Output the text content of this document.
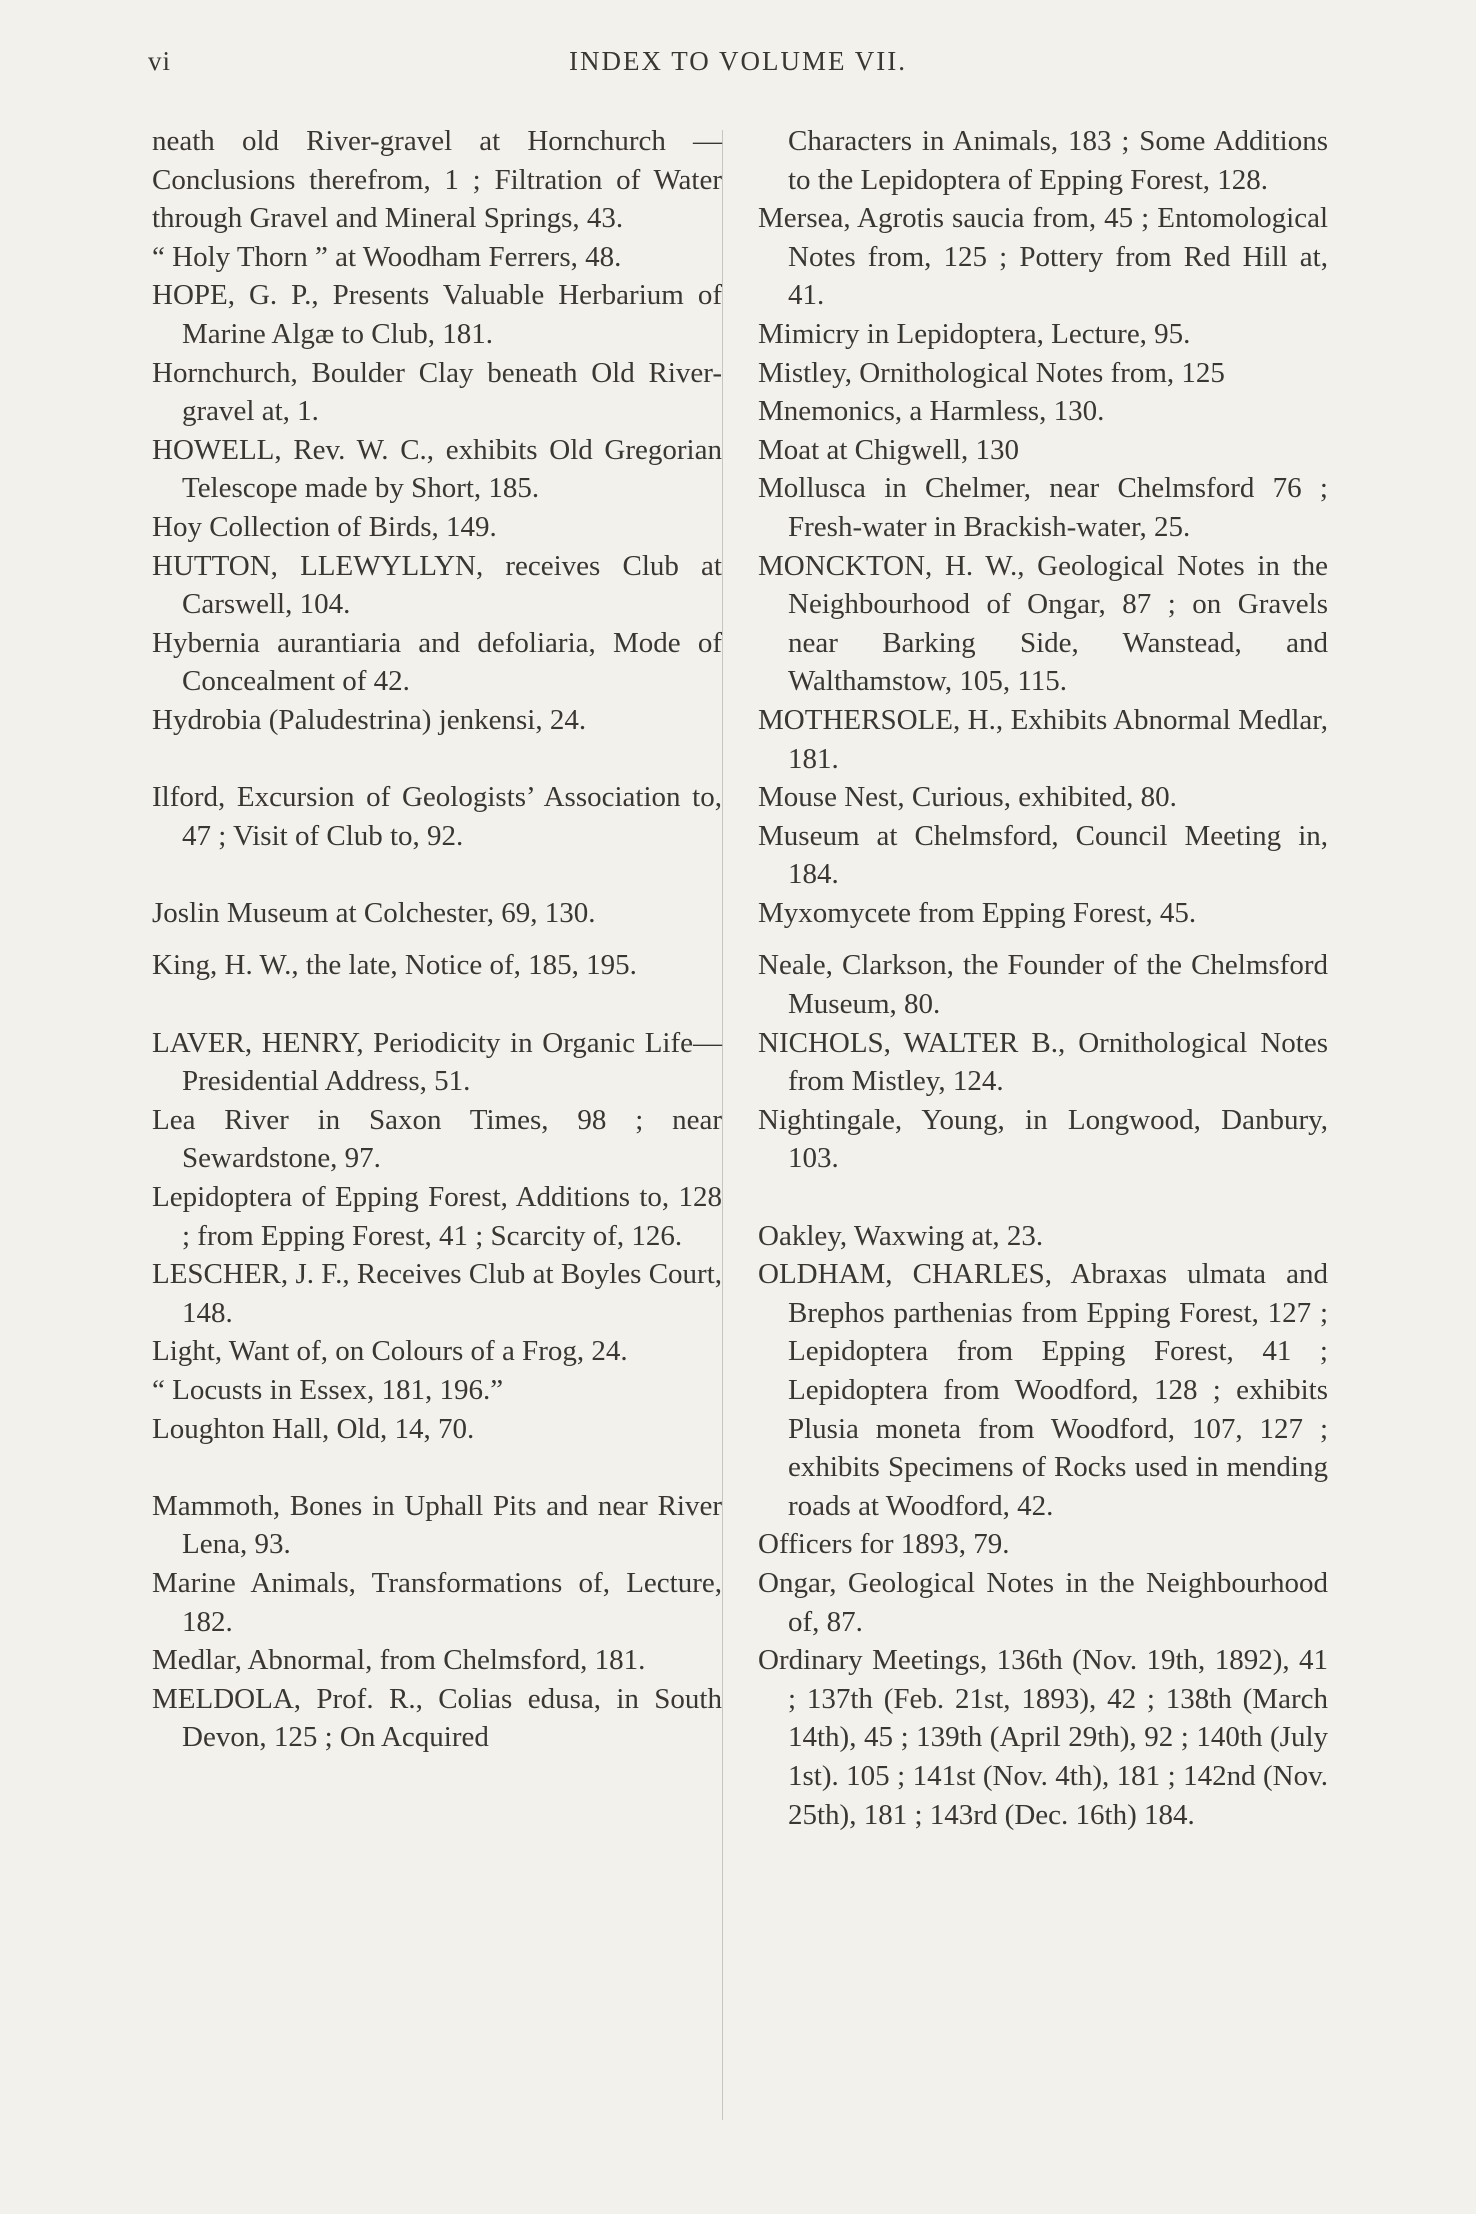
vi	INDEX TO VOLUME VII.
neath old River-gravel at Hornchurch — Conclusions therefrom, 1 ; Filtration of Water through Gravel and Mineral Springs, 43.
“ Holy Thorn ” at Woodham Ferrers, 48.
HOPE, G. P., Presents Valuable Herbarium of Marine Algæ to Club, 181.
Hornchurch, Boulder Clay beneath Old River-gravel at, 1.
HOWELL, Rev. W. C., exhibits Old Gregorian Telescope made by Short, 185.
Hoy Collection of Birds, 149.
HUTTON, LLEWYLLYN, receives Club at Carswell, 104.
Hybernia aurantiaria and defoliaria, Mode of Concealment of 42.
Hydrobia (Paludestrina) jenkensi, 24.
Ilford, Excursion of Geologists’ Association to, 47 ; Visit of Club to, 92.
Joslin Museum at Colchester, 69, 130.
King, H. W., the late, Notice of, 185, 195.
LAVER, HENRY, Periodicity in Organic Life—Presidential Address, 51.
Lea River in Saxon Times, 98 ; near Sewardstone, 97.
Lepidoptera of Epping Forest, Additions to, 128 ; from Epping Forest, 41 ; Scarcity of, 126.
LESCHER, J. F., Receives Club at Boyles Court, 148.
Light, Want of, on Colours of a Frog, 24.
“ Locusts in Essex, 181, 196.”
Loughton Hall, Old, 14, 70.
Mammoth, Bones in Uphall Pits and near River Lena, 93.
Marine Animals, Transformations of, Lecture, 182.
Medlar, Abnormal, from Chelmsford, 181.
MELDOLA, Prof. R., Colias edusa, in South Devon, 125 ; On Acquired
Characters in Animals, 183 ; Some Additions to the Lepidoptera of Epping Forest, 128.
Mersea, Agrotis saucia from, 45 ; Entomological Notes from, 125 ; Pottery from Red Hill at, 41.
Mimicry in Lepidoptera, Lecture, 95.
Mistley, Ornithological Notes from, 125
Mnemonics, a Harmless, 130.
Moat at Chigwell, 130
Mollusca in Chelmer, near Chelmsford 76 ; Fresh-water in Brackish-water, 25.
MONCKTON, H. W., Geological Notes in the Neighbourhood of Ongar, 87 ; on Gravels near Barking Side, Wanstead, and Walthamstow, 105, 115.
MOTHERSOLE, H., Exhibits Abnormal Medlar, 181.
Mouse Nest, Curious, exhibited, 80.
Museum at Chelmsford, Council Meeting in, 184.
Myxomycete from Epping Forest, 45.
Neale, Clarkson, the Founder of the Chelmsford Museum, 80.
NICHOLS, WALTER B., Ornithological Notes from Mistley, 124.
Nightingale, Young, in Longwood, Danbury, 103.
Oakley, Waxwing at, 23.
OLDHAM, CHARLES, Abraxas ulmata and Brephos parthenias from Epping Forest, 127 ; Lepidoptera from Epping Forest, 41 ; Lepidoptera from Woodford, 128 ; exhibits Plusia moneta from Woodford, 107, 127 ; exhibits Specimens of Rocks used in mending roads at Woodford, 42.
Officers for 1893, 79.
Ongar, Geological Notes in the Neighbourhood of, 87.
Ordinary Meetings, 136th (Nov. 19th, 1892), 41 ; 137th (Feb. 21st, 1893), 42 ; 138th (March 14th), 45 ; 139th (April 29th), 92 ; 140th (July 1st). 105 ; 141st (Nov. 4th), 181 ; 142nd (Nov. 25th), 181 ; 143rd (Dec. 16th) 184.
